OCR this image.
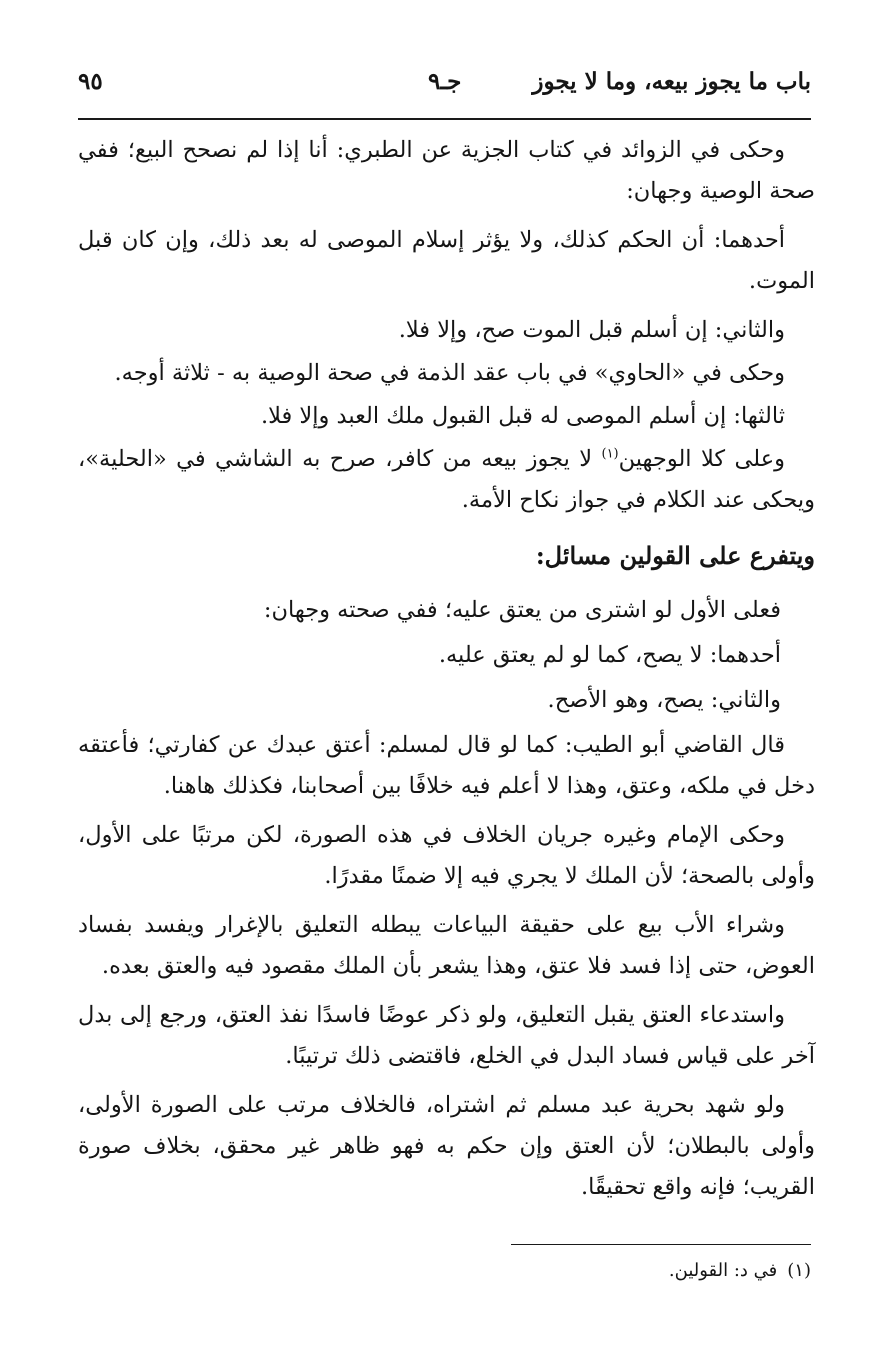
باب ما يجوز بيعه، وما لا يجوز
جـ٩
٩٥

وحكى في الزوائد في كتاب الجزية عن الطبري: أنا إذا لم نصحح البيع؛ ففي صحة الوصية وجهان:

أحدهما: أن الحكم كذلك، ولا يؤثر إسلام الموصى له بعد ذلك، وإن كان قبل الموت.

والثاني: إن أسلم قبل الموت صح، وإلا فلا.

وحكى في «الحاوي» في باب عقد الذمة في صحة الوصية به - ثلاثة أوجه.

ثالثها: إن أسلم الموصى له قبل القبول ملك العبد وإلا فلا.

وعلى كلا الوجهين$^{(١)}$ لا يجوز بيعه من كافر، صرح به الشاشي في «الحلية»، ويحكى عند الكلام في جواز نكاح الأمة.

ويتفرع على القولين مسائل:

فعلى الأول لو اشترى من يعتق عليه؛ ففي صحته وجهان:

أحدهما: لا يصح، كما لو لم يعتق عليه.

والثاني: يصح، وهو الأصح.

قال القاضي أبو الطيب: كما لو قال لمسلم: أعتق عبدك عن كفارتي؛ فأعتقه دخل في ملكه، وعتق، وهذا لا أعلم فيه خلافًا بين أصحابنا، فكذلك هاهنا.

وحكى الإمام وغيره جريان الخلاف في هذه الصورة، لكن مرتبًا على الأول، وأولى بالصحة؛ لأن الملك لا يجري فيه إلا ضمنًا مقدرًا.

وشراء الأب بيع على حقيقة البياعات يبطله التعليق بالإغرار ويفسد بفساد العوض، حتى إذا فسد فلا عتق، وهذا يشعر بأن الملك مقصود فيه والعتق بعده.

واستدعاء العتق يقبل التعليق، ولو ذكر عوضًا فاسدًا نفذ العتق، ورجع إلى بدل آخر على قياس فساد البدل في الخلع، فاقتضى ذلك ترتيبًا.

ولو شهد بحرية عبد مسلم ثم اشتراه، فالخلاف مرتب على الصورة الأولى، وأولى بالبطلان؛ لأن العتق وإن حكم به فهو ظاهر غير محقق، بخلاف صورة القريب؛ فإنه واقع تحقيقًا.

(١)في د: القولين.
